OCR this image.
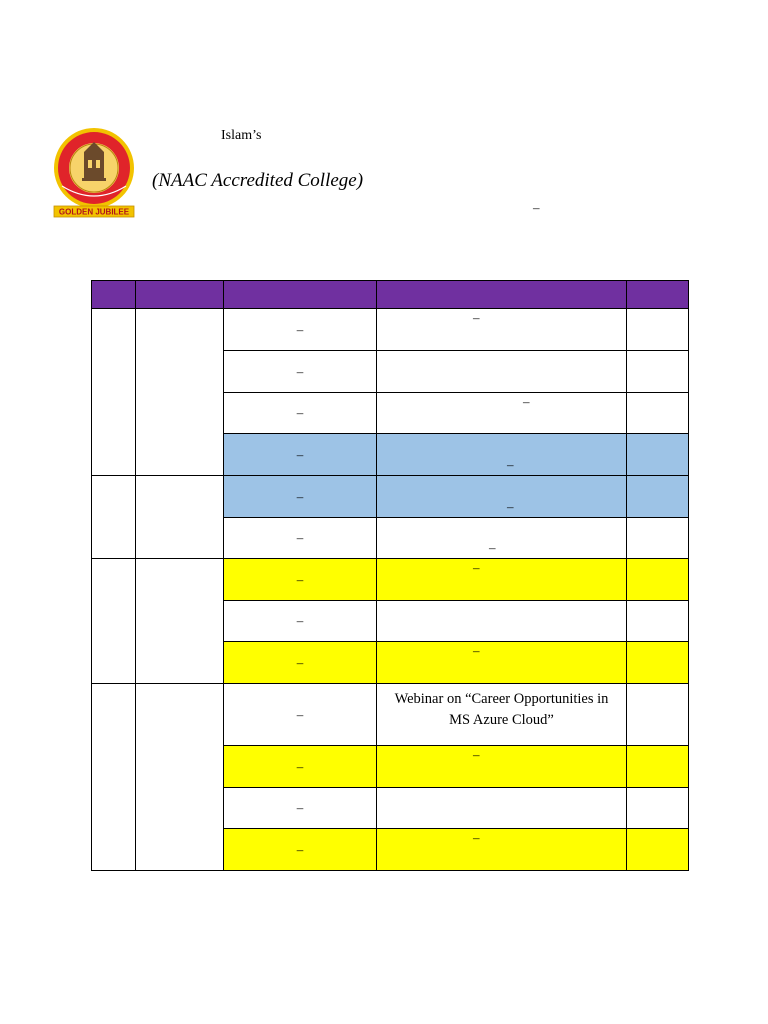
GOLDEN JUBILEE
Islam’s
(NAAC Accredited College)
–

		–	–	

		–		
		–	–	

		–	–	

		–	–	

		–	–	

		–	–	

		–		
		–	–	

		–	Webinar on “Career Opportunities in MS Azure Cloud”	

		–	–	

		–		
		–	–	
